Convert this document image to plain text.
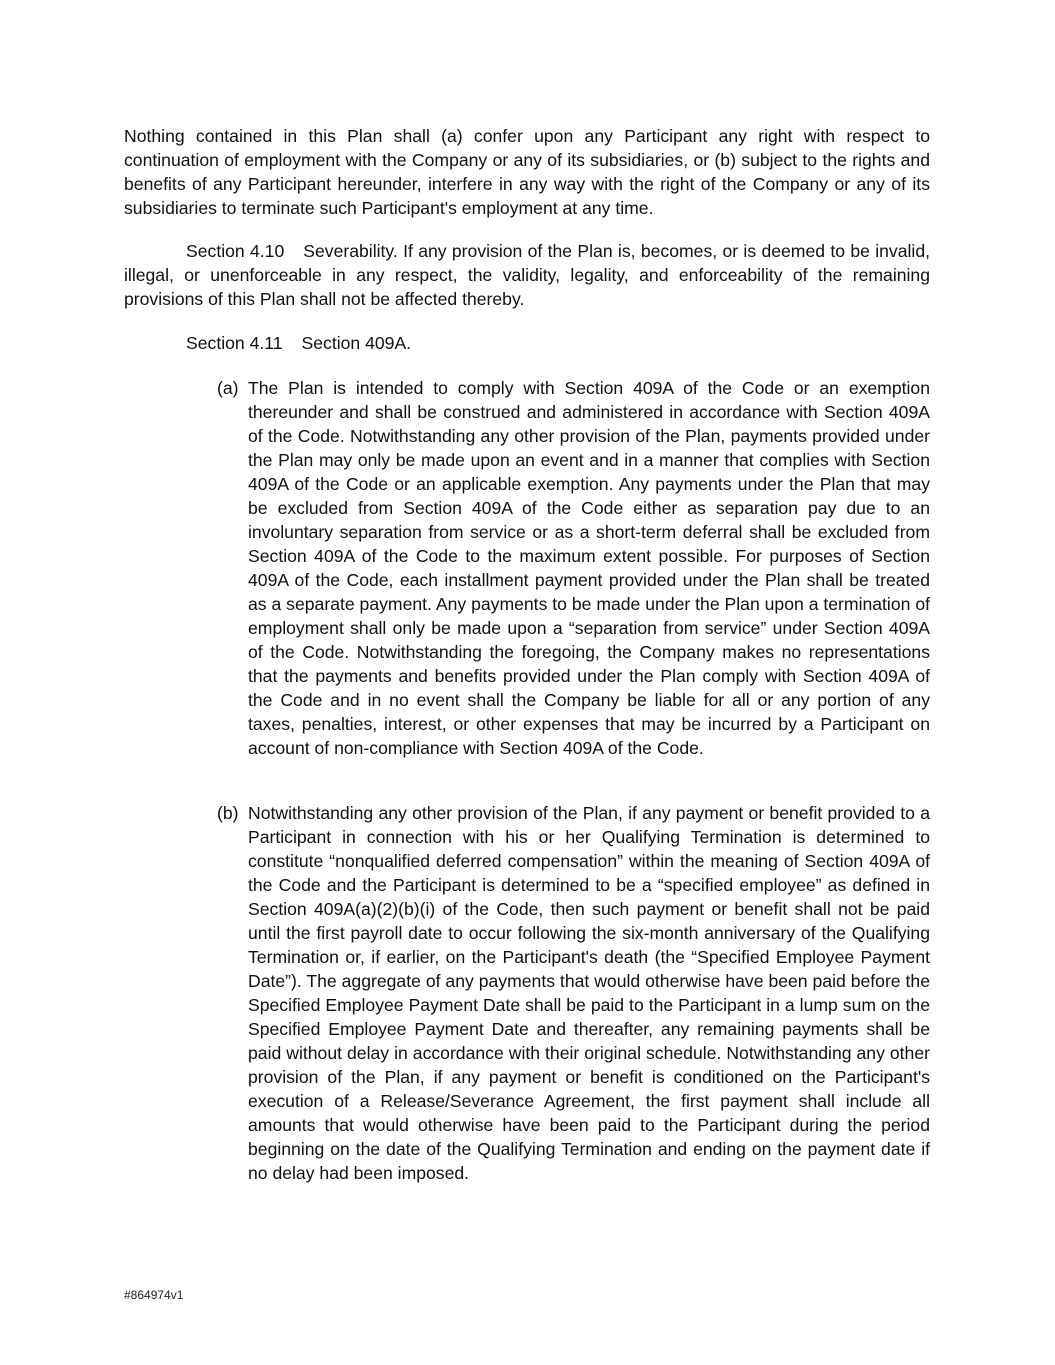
Nothing contained in this Plan shall (a) confer upon any Participant any right with respect to continuation of employment with the Company or any of its subsidiaries, or (b) subject to the rights and benefits of any Participant hereunder, interfere in any way with the right of the Company or any of its subsidiaries to terminate such Participant's employment at any time.

Section 4.10 Severability. If any provision of the Plan is, becomes, or is deemed to be invalid, illegal, or unenforceable in any respect, the validity, legality, and enforceability of the remaining provisions of this Plan shall not be affected thereby.

Section 4.11 Section 409A.

(a) The Plan is intended to comply with Section 409A of the Code or an exemption thereunder and shall be construed and administered in accordance with Section 409A of the Code. Notwithstanding any other provision of the Plan, payments provided under the Plan may only be made upon an event and in a manner that complies with Section 409A of the Code or an applicable exemption. Any payments under the Plan that may be excluded from Section 409A of the Code either as separation pay due to an involuntary separation from service or as a short-term deferral shall be excluded from Section 409A of the Code to the maximum extent possible. For purposes of Section 409A of the Code, each installment payment provided under the Plan shall be treated as a separate payment. Any payments to be made under the Plan upon a termination of employment shall only be made upon a “separation from service” under Section 409A of the Code. Notwithstanding the foregoing, the Company makes no representations that the payments and benefits provided under the Plan comply with Section 409A of the Code and in no event shall the Company be liable for all or any portion of any taxes, penalties, interest, or other expenses that may be incurred by a Participant on account of non-compliance with Section 409A of the Code.

(b) Notwithstanding any other provision of the Plan, if any payment or benefit provided to a Participant in connection with his or her Qualifying Termination is determined to constitute “nonqualified deferred compensation” within the meaning of Section 409A of the Code and the Participant is determined to be a “specified employee” as defined in Section 409A(a)(2)(b)(i) of the Code, then such payment or benefit shall not be paid until the first payroll date to occur following the six-month anniversary of the Qualifying Termination or, if earlier, on the Participant's death (the “Specified Employee Payment Date”). The aggregate of any payments that would otherwise have been paid before the Specified Employee Payment Date shall be paid to the Participant in a lump sum on the Specified Employee Payment Date and thereafter, any remaining payments shall be paid without delay in accordance with their original schedule. Notwithstanding any other provision of the Plan, if any payment or benefit is conditioned on the Participant's execution of a Release/Severance Agreement, the first payment shall include all amounts that would otherwise have been paid to the Participant during the period beginning on the date of the Qualifying Termination and ending on the payment date if no delay had been imposed.

#864974v1
